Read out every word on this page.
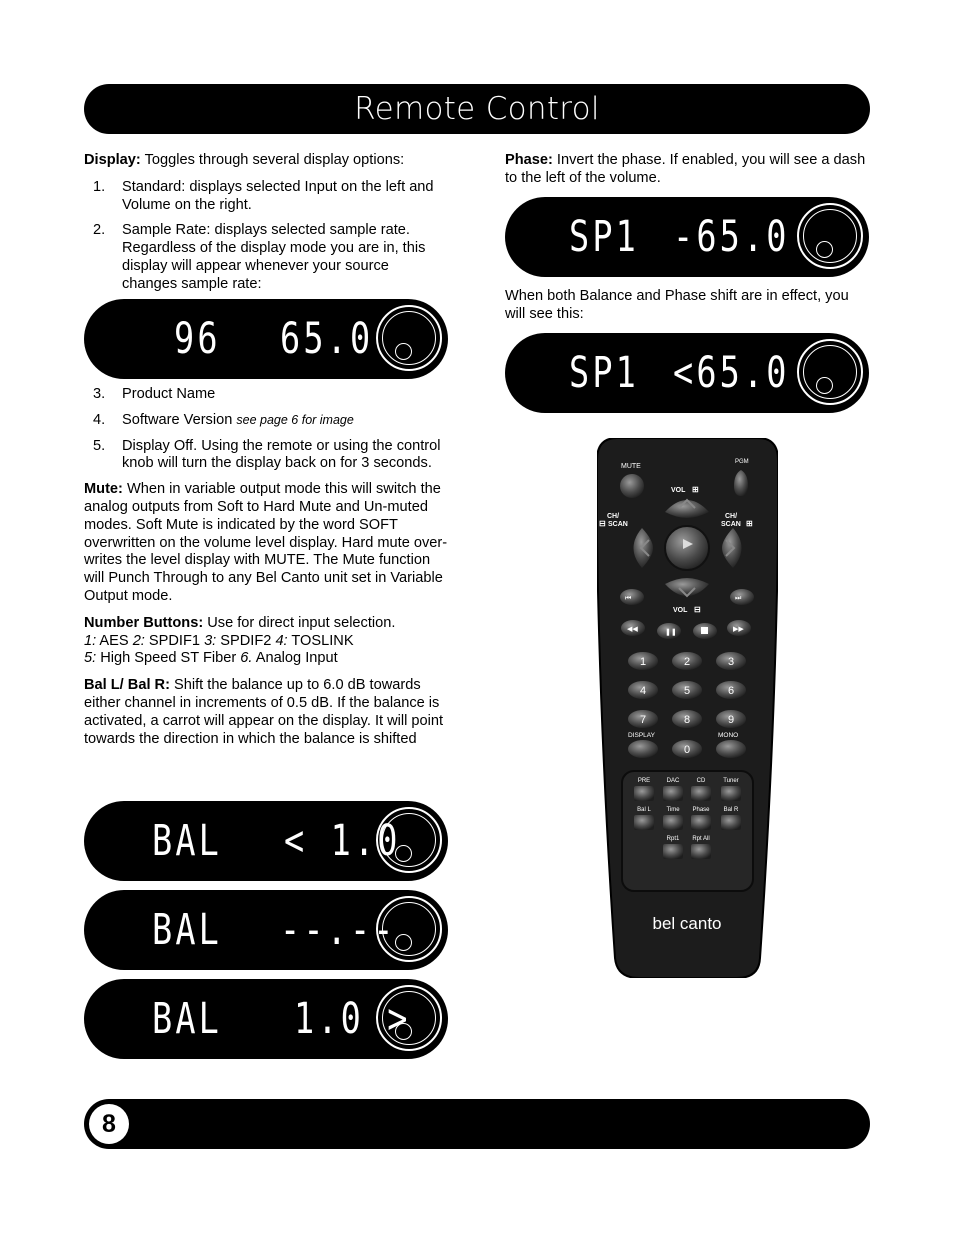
Remote Control

Display: Toggles through several display options:

1. Standard: displays selected Input on the left and Volume on the right.
2. Sample Rate: displays selected sample rate. Regardless of the display mode you are in, this display will appear whenever your source changes sample rate:
3. Product Name
4. Software Version see page 6 for image
5. Display Off. Using the remote or using the control knob will turn the display back on for 3 seconds.

Mute: When in variable output mode this will switch the analog outputs from Soft to Hard Mute and Un-muted modes. Soft Mute is indicated by the word SOFT overwritten on the volume level display. Hard mute over-writes the level display with MUTE. The Mute function will Punch Through to any Bel Canto unit set in Variable Output mode.

Number Buttons: Use for direct input selection.
1: AES 2: SPDIF1 3: SPDIF2 4: TOSLINK
5: High Speed ST Fiber 6. Analog Input

Bal L/ Bal R: Shift the balance up to 6.0 dB towards either channel in increments of 0.5 dB. If the balance is activated, a carrot will appear on the display. It will point towards the direction in which the balance is shifted

Phase: Invert the phase. If enabled, you will see a dash to the left of the volume.

When both Balance and Phase shift are in effect, you will see this:

96 65.0
SP1 -65.0
SP1 <65.0
BAL < 1.0
BAL --.--
BAL 1.0 >
MUTE
PGM
VOL ⊞
CH/
⊟ SCAN
CH/
SCAN ⊞
VOL ⊟
⏮	⏭
◀◀	❚❚	▶▶
1	2	3
4	5	6
7	8	9
DISPLAY
0
MONO
PRE	DAC	CD	Tuner
Bal L	Time Phase Bal R
Rpt1 Rpt All
bel canto
8
